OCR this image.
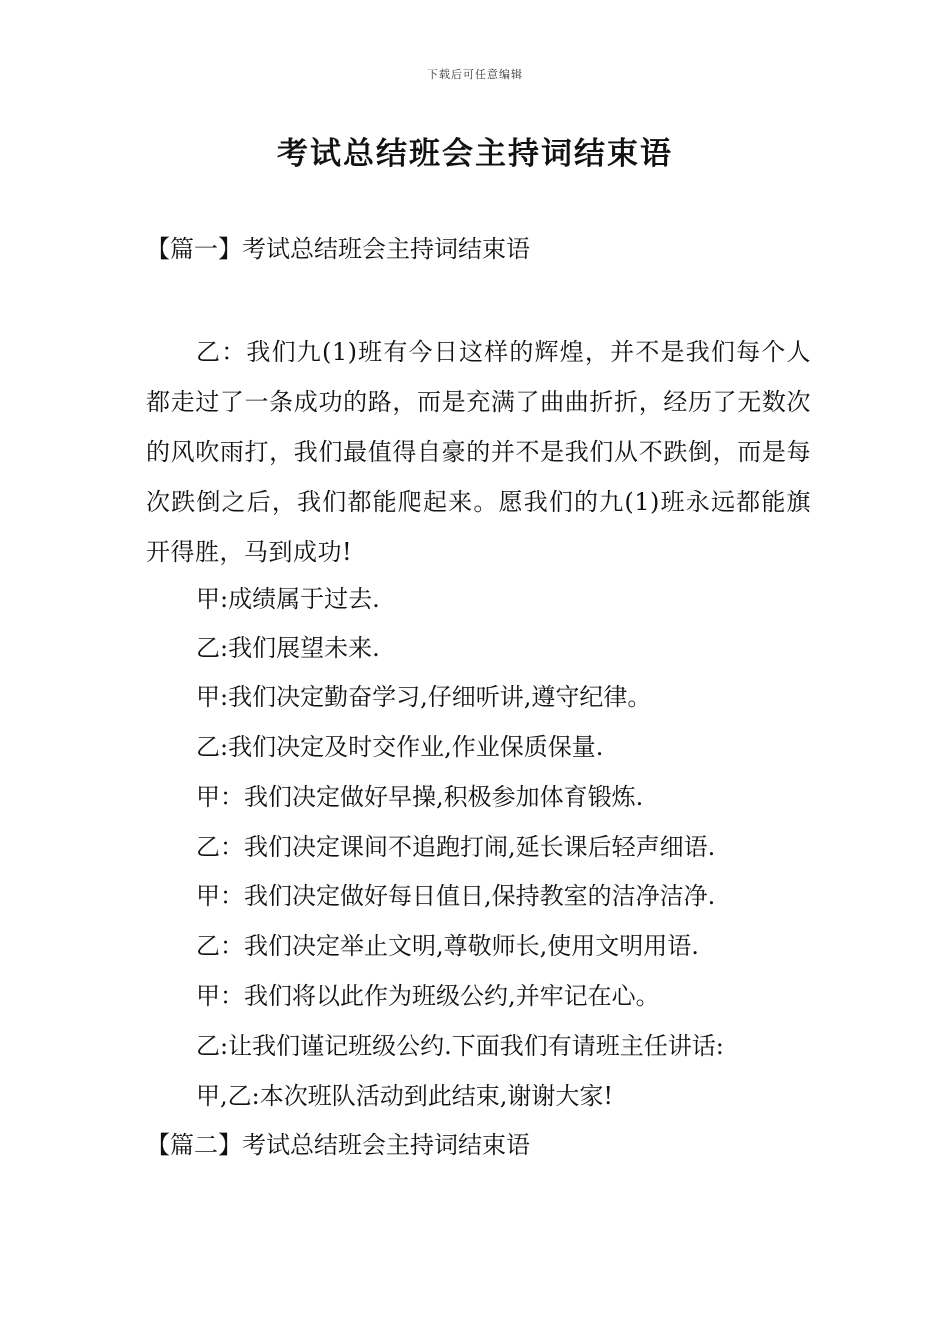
下载后可任意编辑
考试总结班会主持词结束语
【篇一】考试总结班会主持词结束语
乙：我们九(1)班有今日这样的辉煌，并不是我们每个人都走过了一条成功的路，而是充满了曲曲折折，经历了无数次的风吹雨打，我们最值得自豪的并不是我们从不跌倒，而是每次跌倒之后，我们都能爬起来。愿我们的九(1)班永远都能旗开得胜，马到成功!
甲:成绩属于过去.
乙:我们展望未来.
甲:我们决定勤奋学习,仔细听讲,遵守纪律。
乙:我们决定及时交作业,作业保质保量.
甲：我们决定做好早操,积极参加体育锻炼.
乙：我们决定课间不追跑打闹,延长课后轻声细语.
甲：我们决定做好每日值日,保持教室的洁净洁净.
乙：我们决定举止文明,尊敬师长,使用文明用语.
甲：我们将以此作为班级公约,并牢记在心。
乙:让我们谨记班级公约.下面我们有请班主任讲话:
甲,乙:本次班队活动到此结束,谢谢大家!
【篇二】考试总结班会主持词结束语
